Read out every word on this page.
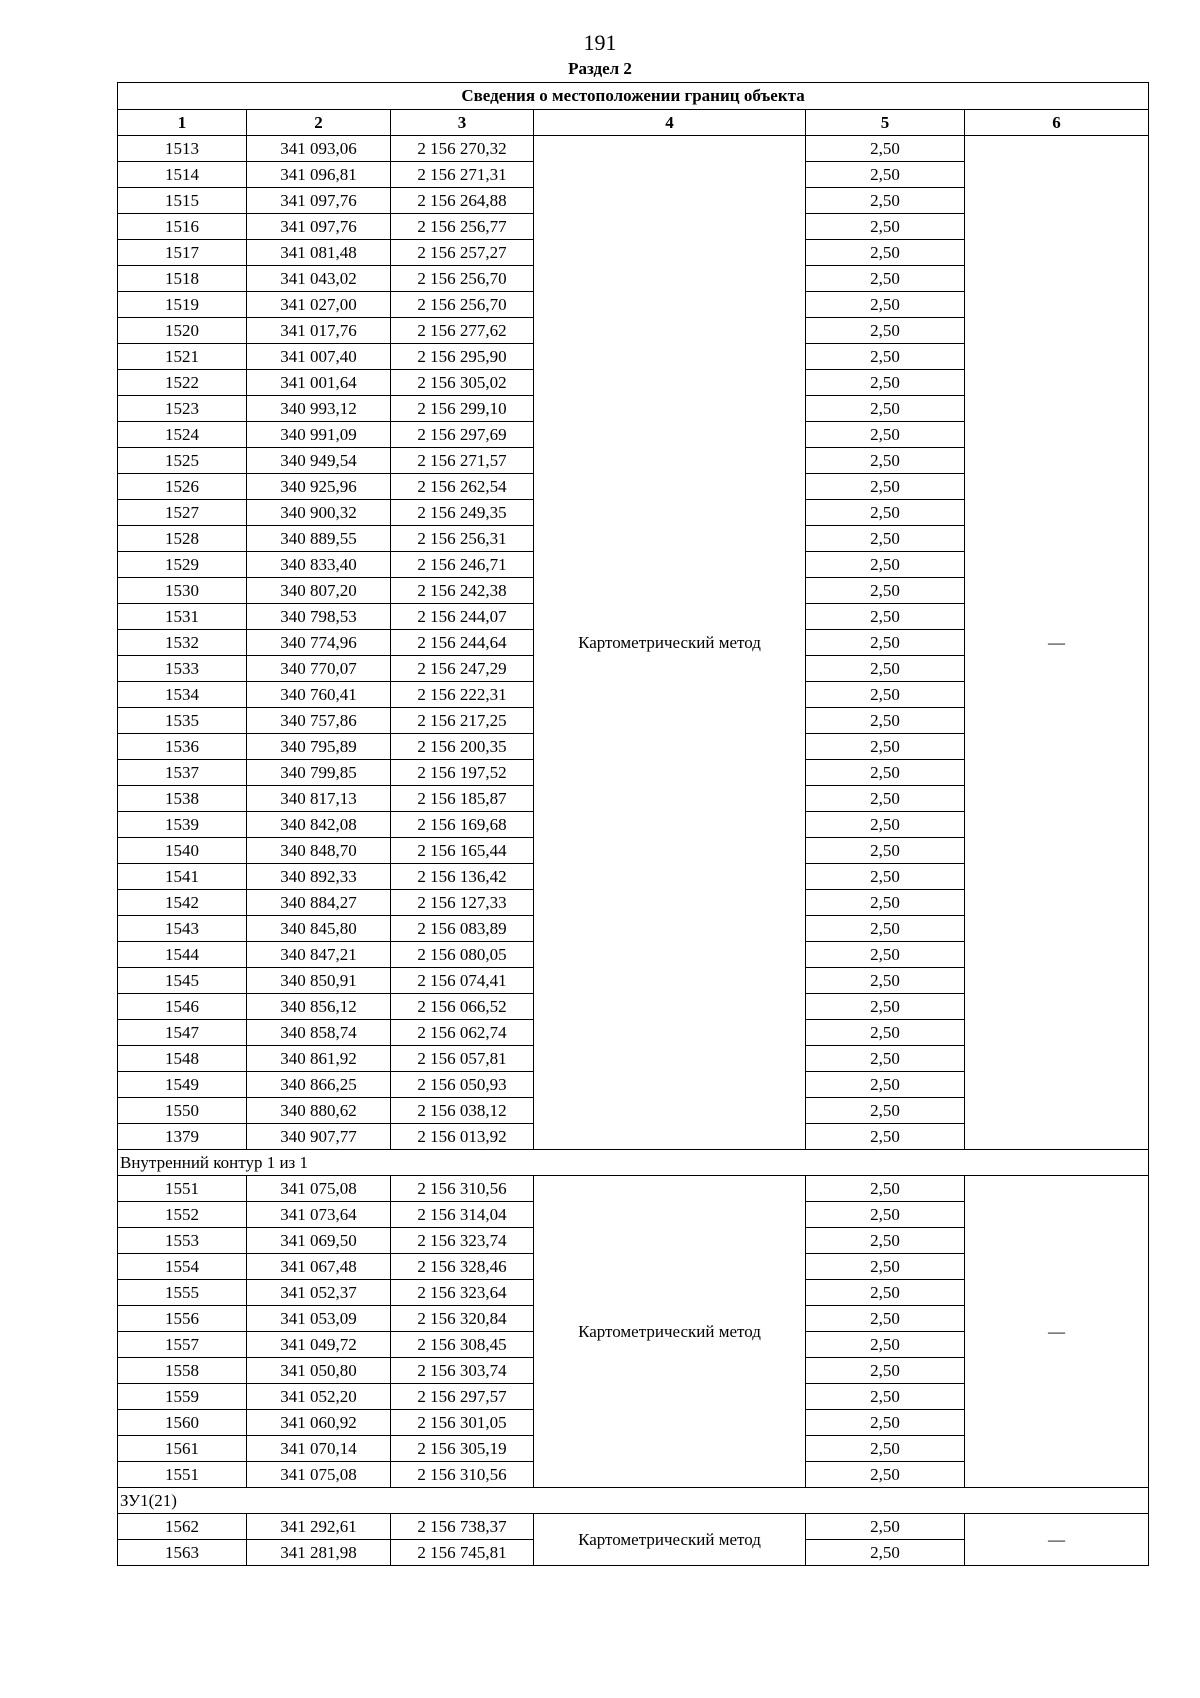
191
Раздел 2
Сведения о местоположении границ объекта					
1	2	3	4	5	6
1513	341 093,06	2 156 270,32	Картометрический метод	2,50	—
1514	341 096,81	2 156 271,31		2,50	
1515	341 097,76	2 156 264,88		2,50	
1516	341 097,76	2 156 256,77		2,50	
1517	341 081,48	2 156 257,27		2,50	
1518	341 043,02	2 156 256,70		2,50	
1519	341 027,00	2 156 256,70		2,50	
1520	341 017,76	2 156 277,62		2,50	
1521	341 007,40	2 156 295,90		2,50	
1522	341 001,64	2 156 305,02		2,50	
1523	340 993,12	2 156 299,10		2,50	
1524	340 991,09	2 156 297,69		2,50	
1525	340 949,54	2 156 271,57		2,50	
1526	340 925,96	2 156 262,54		2,50	
1527	340 900,32	2 156 249,35		2,50	
1528	340 889,55	2 156 256,31		2,50	
1529	340 833,40	2 156 246,71		2,50	
1530	340 807,20	2 156 242,38		2,50	
1531	340 798,53	2 156 244,07		2,50	
1532	340 774,96	2 156 244,64		2,50	
1533	340 770,07	2 156 247,29		2,50	
1534	340 760,41	2 156 222,31		2,50	
1535	340 757,86	2 156 217,25		2,50	
1536	340 795,89	2 156 200,35		2,50	
1537	340 799,85	2 156 197,52		2,50	
1538	340 817,13	2 156 185,87		2,50	
1539	340 842,08	2 156 169,68		2,50	
1540	340 848,70	2 156 165,44		2,50	
1541	340 892,33	2 156 136,42		2,50	
1542	340 884,27	2 156 127,33		2,50	
1543	340 845,80	2 156 083,89		2,50	
1544	340 847,21	2 156 080,05		2,50	
1545	340 850,91	2 156 074,41		2,50	
1546	340 856,12	2 156 066,52		2,50	
1547	340 858,74	2 156 062,74		2,50	
1548	340 861,92	2 156 057,81		2,50	
1549	340 866,25	2 156 050,93		2,50	
1550	340 880,62	2 156 038,12		2,50	
1379	340 907,77	2 156 013,92		2,50	
Внутренний контур 1 из 1					
1551	341 075,08	2 156 310,56	Картометрический метод	2,50	—
1552	341 073,64	2 156 314,04		2,50	
1553	341 069,50	2 156 323,74		2,50	
1554	341 067,48	2 156 328,46		2,50	
1555	341 052,37	2 156 323,64		2,50	
1556	341 053,09	2 156 320,84		2,50	
1557	341 049,72	2 156 308,45		2,50	
1558	341 050,80	2 156 303,74		2,50	
1559	341 052,20	2 156 297,57		2,50	
1560	341 060,92	2 156 301,05		2,50	
1561	341 070,14	2 156 305,19		2,50	
1551	341 075,08	2 156 310,56		2,50	
ЗУ1(21)					
1562	341 292,61	2 156 738,37	Картометрический метод	2,50	—
1563	341 281,98	2 156 745,81		2,50	
